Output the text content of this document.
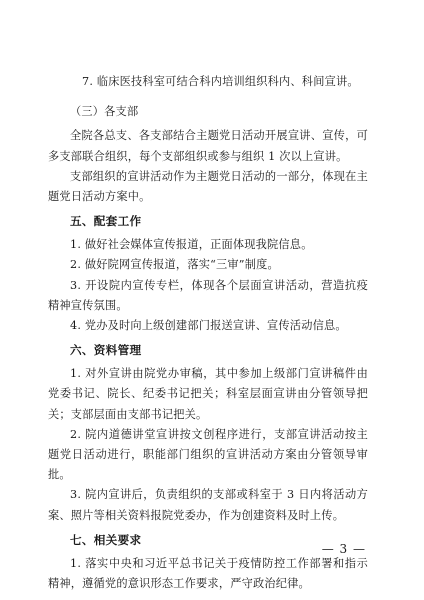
7. 临床医技科室可结合科内培训组织科内、科间宣讲。

（三）各支部

全院各总支、各支部结合主题党日活动开展宣讲、宣传，可多支部联合组织，每个支部组织或参与组织 1 次以上宣讲。

支部组织的宣讲活动作为主题党日活动的一部分，体现在主题党日活动方案中。

五、配套工作

1. 做好社会媒体宣传报道，正面体现我院信息。

2. 做好院网宣传报道，落实“三审”制度。

3. 开设院内宣传专栏，体现各个层面宣讲活动，营造抗疫精神宣传氛围。

4. 党办及时向上级创建部门报送宣讲、宣传活动信息。

六、资料管理

1. 对外宣讲由院党办审稿，其中参加上级部门宣讲稿件由党委书记、院长、纪委书记把关；科室层面宣讲由分管领导把关；支部层面由支部书记把关。

2. 院内道德讲堂宣讲按文创程序进行，支部宣讲活动按主题党日活动进行，职能部门组织的宣讲活动方案由分管领导审批。

3. 院内宣讲后，负责组织的支部或科室于 3 日内将活动方案、照片等相关资料报院党委办，作为创建资料及时上传。

七、相关要求

1. 落实中央和习近平总书记关于疫情防控工作部署和指示精神，遵循党的意识形态工作要求，严守政治纪律。

— 3 —
